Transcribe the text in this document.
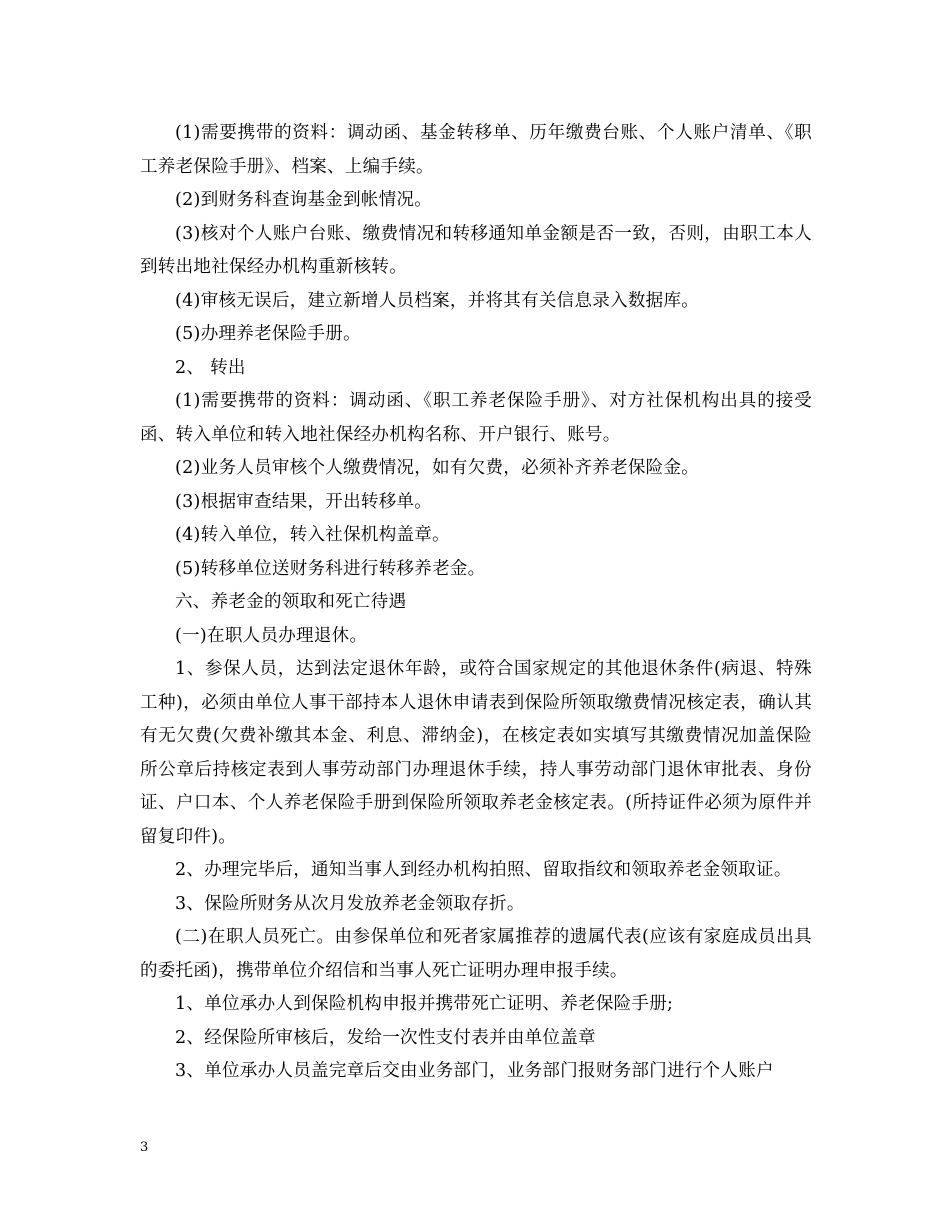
(1)需要携带的资料：调动函、基金转移单、历年缴费台账、个人账户清单、《职工养老保险手册》、档案、上编手续。

(2)到财务科查询基金到帐情况。

(3)核对个人账户台账、缴费情况和转移通知单金额是否一致，否则，由职工本人到转出地社保经办机构重新核转。

(4)审核无误后，建立新增人员档案，并将其有关信息录入数据库。

(5)办理养老保险手册。

2、 转出

(1)需要携带的资料：调动函、《职工养老保险手册》、对方社保机构出具的接受函、转入单位和转入地社保经办机构名称、开户银行、账号。

(2)业务人员审核个人缴费情况，如有欠费，必须补齐养老保险金。

(3)根据审查结果，开出转移单。

(4)转入单位，转入社保机构盖章。

(5)转移单位送财务科进行转移养老金。

六、养老金的领取和死亡待遇

(一)在职人员办理退休。

1、参保人员，达到法定退休年龄，或符合国家规定的其他退休条件(病退、特殊工种)，必须由单位人事干部持本人退休申请表到保险所领取缴费情况核定表，确认其有无欠费(欠费补缴其本金、利息、滞纳金)，在核定表如实填写其缴费情况加盖保险所公章后持核定表到人事劳动部门办理退休手续，持人事劳动部门退休审批表、身份证、户口本、个人养老保险手册到保险所领取养老金核定表。(所持证件必须为原件并留复印件)。

2、办理完毕后，通知当事人到经办机构拍照、留取指纹和领取养老金领取证。

3、保险所财务从次月发放养老金领取存折。

(二)在职人员死亡。由参保单位和死者家属推荐的遗属代表(应该有家庭成员出具的委托函)，携带单位介绍信和当事人死亡证明办理申报手续。

1、单位承办人到保险机构申报并携带死亡证明、养老保险手册;

2、经保险所审核后，发给一次性支付表并由单位盖章

3、单位承办人员盖完章后交由业务部门，业务部门报财务部门进行个人账户

3
